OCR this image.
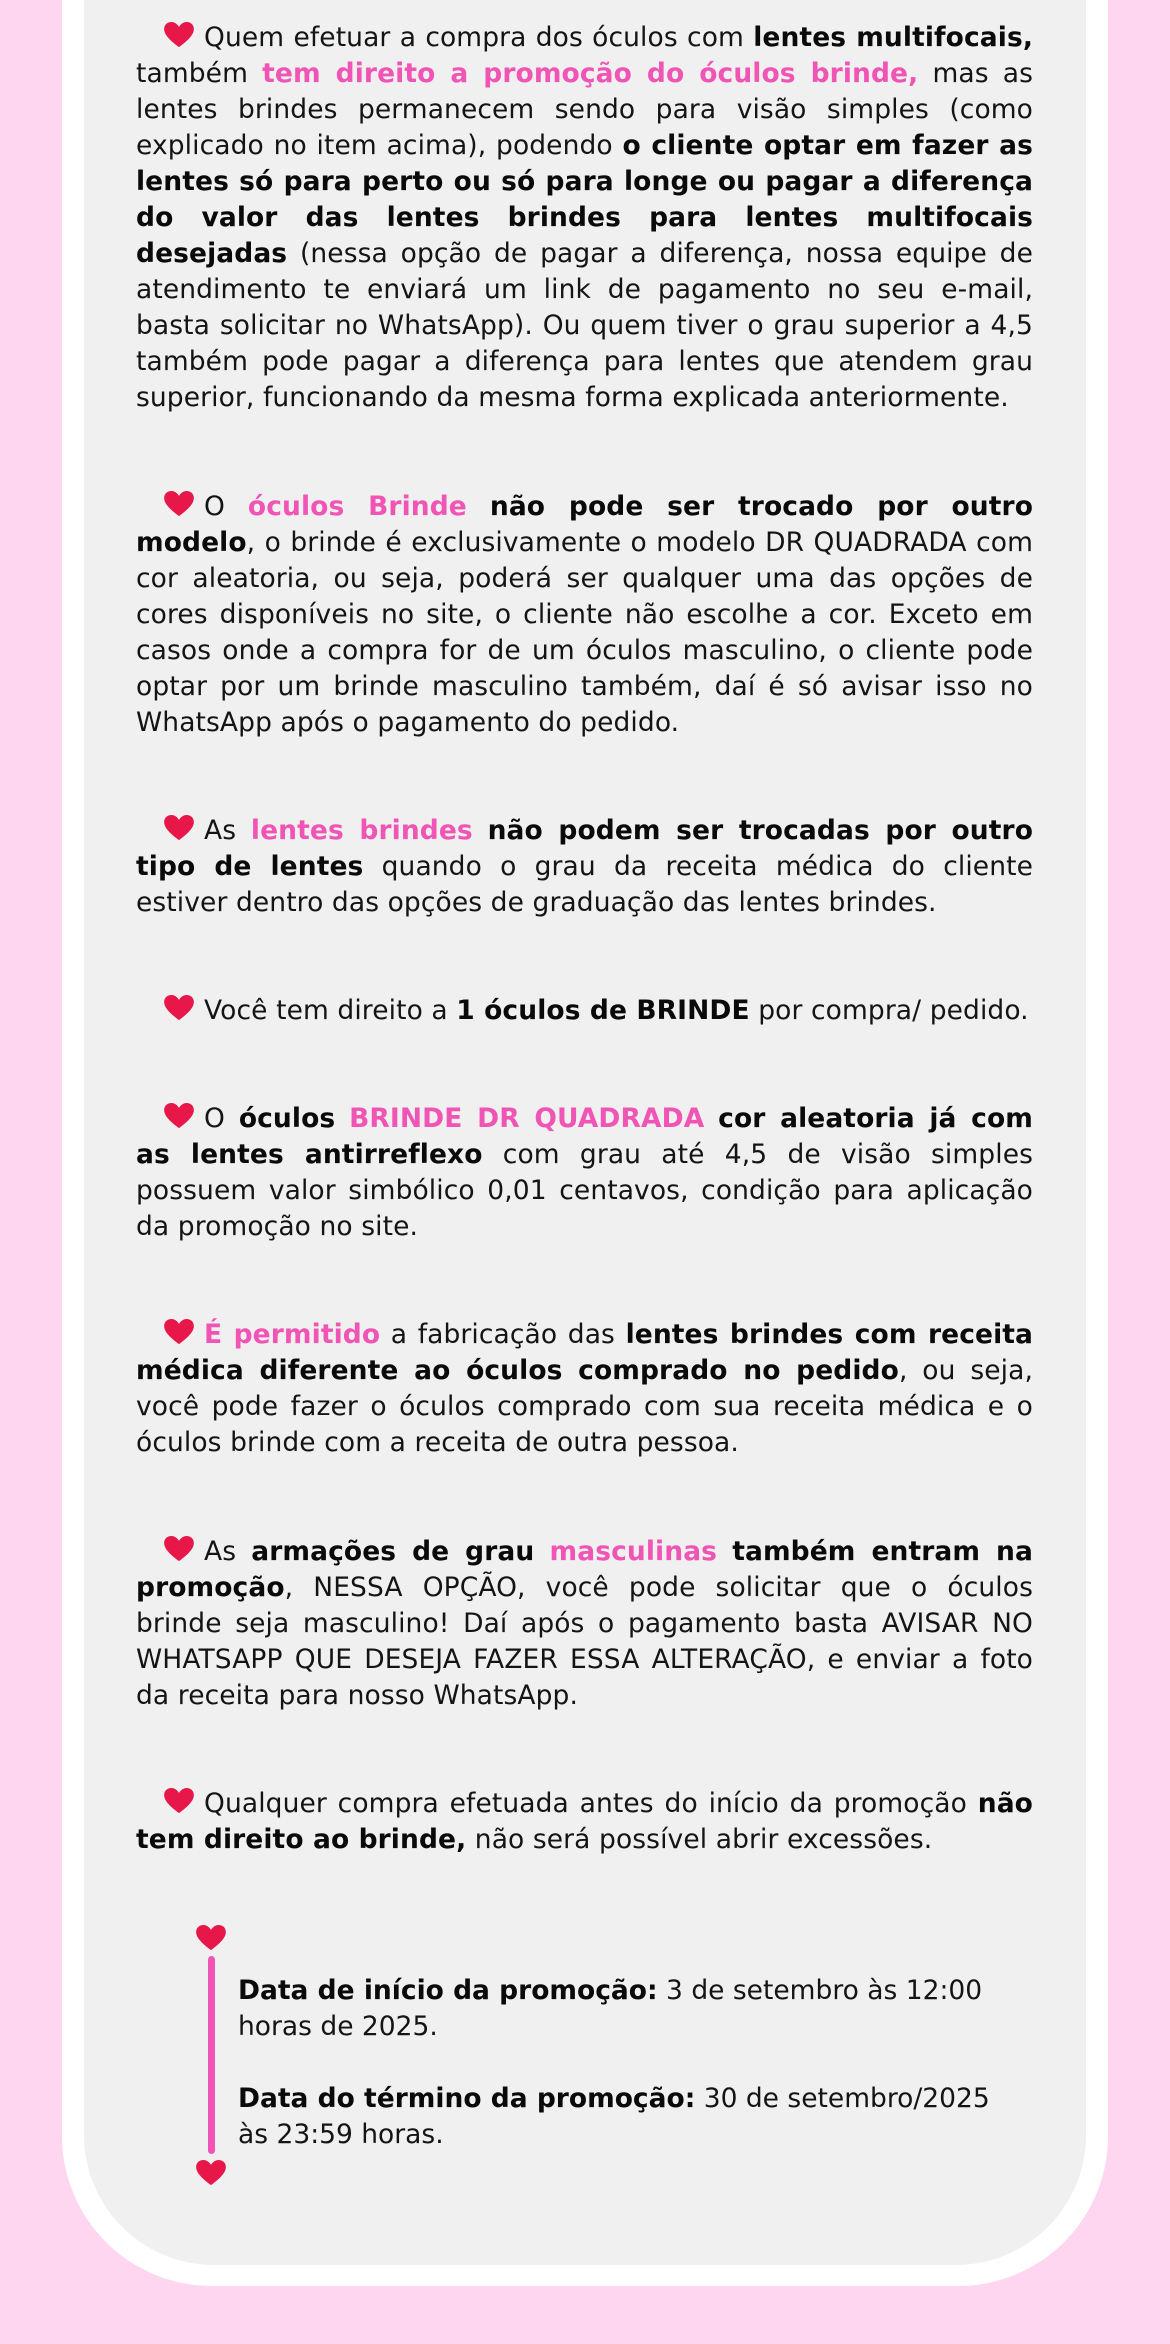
Quem efetuar a compra dos óculos com lentes multifocais, também tem direito a promoção do óculos brinde, mas as lentes brindes permanecem sendo para visão simples (como explicado no item acima), podendo o cliente optar em fazer as lentes só para perto ou só para longe ou pagar a diferença do valor das lentes brindes para lentes multifocais desejadas (nessa opção de pagar a diferença, nossa equipe de atendimento te enviará um link de pagamento no seu e-mail, basta solicitar no WhatsApp). Ou quem tiver o grau superior a 4,5 também pode pagar a diferença para lentes que atendem grau superior, funcionando da mesma forma explicada anteriormente.

O óculos Brinde não pode ser trocado por outro modelo, o brinde é exclusivamente o modelo DR QUADRADA com cor aleatoria, ou seja, poderá ser qualquer uma das opções de cores disponíveis no site, o cliente não escolhe a cor. Exceto em casos onde a compra for de um óculos masculino, o cliente pode optar por um brinde masculino também, daí é só avisar isso no WhatsApp após o pagamento do pedido.

As lentes brindes não podem ser trocadas por outro tipo de lentes quando o grau da receita médica do cliente estiver dentro das opções de graduação das lentes brindes.

Você tem direito a 1 óculos de BRINDE por compra/ pedido.

O óculos BRINDE DR QUADRADA cor aleatoria já com as lentes antirreflexo com grau até 4,5 de visão simples possuem valor simbólico 0,01 centavos, condição para aplicação da promoção no site.

É permitido a fabricação das lentes brindes com receita médica diferente ao óculos comprado no pedido, ou seja, você pode fazer o óculos comprado com sua receita médica e o óculos brinde com a receita de outra pessoa.

As armações de grau masculinas também entram na promoção, NESSA OPÇÃO, você pode solicitar que o óculos brinde seja masculino! Daí após o pagamento basta AVISAR NO WHATSAPP QUE DESEJA FAZER ESSA ALTERAÇÃO, e enviar a foto da receita para nosso WhatsApp.

Qualquer compra efetuada antes do início da promoção não tem direito ao brinde, não será possível abrir excessões.

Data de início da promoção: 3 de setembro às 12:00 horas de 2025.

Data do término da promoção: 30 de setembro/2025 às 23:59 horas.
